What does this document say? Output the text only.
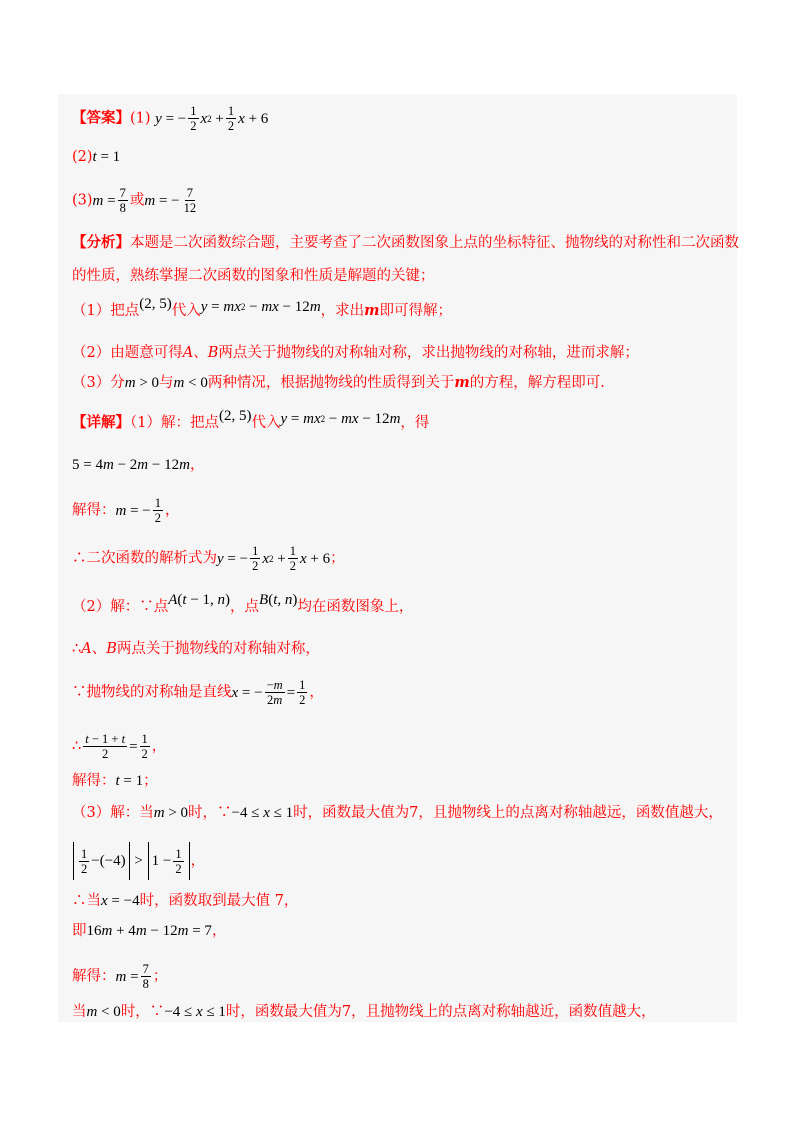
【答案】(1) y = − $\frac{1}{2}$ x $2 + \frac{1}{2}$ x + 6
(2) t = 1
(3) $m = \frac{7}{8}$ 或 m = − $\frac{7}{12}$
【分析】本题是二次函数综合题，主要考查了二次函数图象上点的坐标特征、抛物线的对称性和二次函数
的性质，熟练掌握二次函数的图象和性质是解题的关键；
（1）把点(2, 5)代入 y = mx 2 − mx − 12 m ，求出m即可得解；
（2）由题意可得A、B两点关于抛物线的对称轴对称，求出抛物线的对称轴，进而求解；
（3）分 m > 0与 m < 0两种情况，根据抛物线的性质得到关于m的方程，解方程即可.
【详解】（1）解：把点(2, 5)代入 y = mx 2 − mx − 12 m ，得
5 = 4 m − 2 m − 12 m ，
解得： m = − $\frac{1}{2}$ ，
∴二次函数的解析式为 y = − $\frac{1}{2}$ x $2 + \frac{1}{2}$ x + 6；
（2）解：∵点 A ( t − 1, n )，点 B ( t , n )均在函数图象上，
∴A、B两点关于抛物线的对称轴对称，
∵抛物线的对称轴是直线 x = − $\frac{-m}{2m} = \frac{1}{2}$ ，
∴ $\frac{t - 1 + t}{2} = \frac{1}{2}$ ，
解得： t = 1；
（3）解：当 m > 0时，∵−4 ≤ x ≤ 1时，函数最大值为7，且抛物线上的点离对称轴越远，函数值越大，
$\frac{1}{2} -(-4) > 1 - \frac{1}{2}$ ，
∴当 x = −4时，函数取到最大值 7，
即16 m + 4 m − 12 m = 7，
解得： $m = \frac{7}{8}$ ；
当 m < 0时，∵−4 ≤ x ≤ 1时，函数最大值为7，且抛物线上的点离对称轴越近，函数值越大，
